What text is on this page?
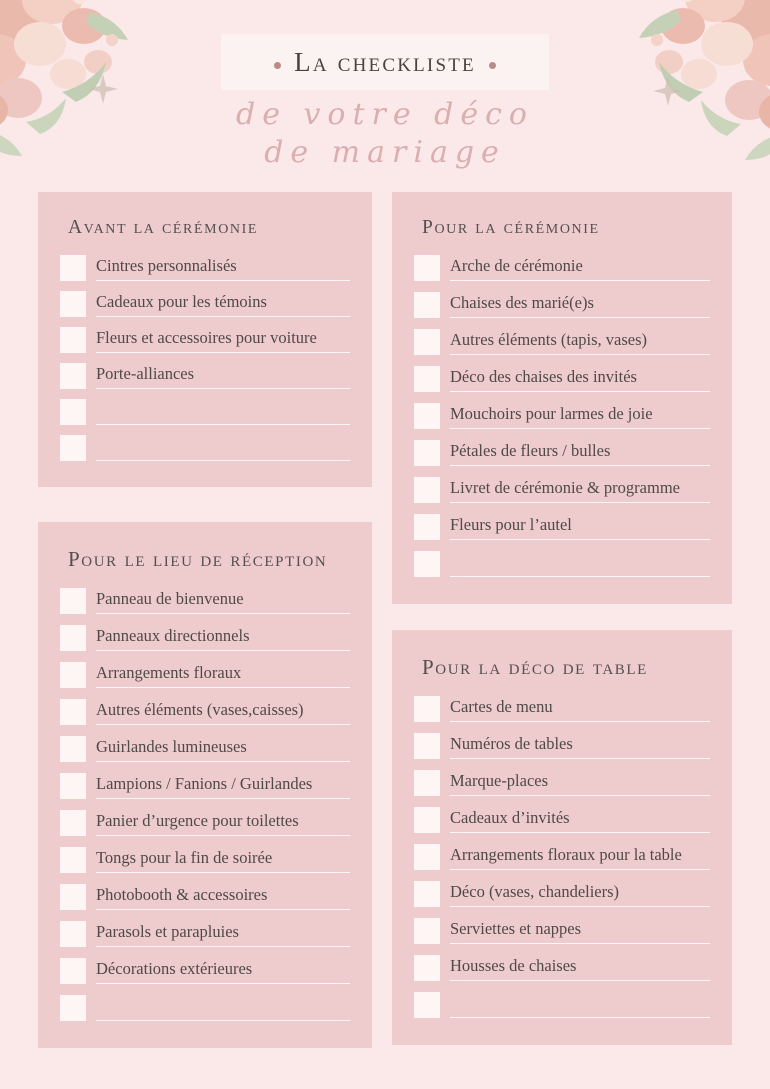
La checkliste
de votre déco
de mariage
Avant la cérémonie
Cintres personnalisés
Cadeaux pour les témoins
Fleurs et accessoires pour voiture
Porte-alliances

Pour la cérémonie
Arche de cérémonie
Chaises des marié(e)s
Autres éléments (tapis, vases)
Déco des chaises des invités
Mouchoirs pour larmes de joie
Pétales de fleurs / bulles
Livret de cérémonie & programme
Fleurs pour l’autel

Pour le lieu de réception
Panneau de bienvenue
Panneaux directionnels
Arrangements floraux
Autres éléments (vases,caisses)
Guirlandes lumineuses
Lampions / Fanions / Guirlandes
Panier d’urgence pour toilettes
Tongs pour la fin de soirée
Photobooth & accessoires
Parasols et parapluies
Décorations extérieures

Pour la déco de table
Cartes de menu
Numéros de tables
Marque-places
Cadeaux d’invités
Arrangements floraux pour la table
Déco (vases, chandeliers)
Serviettes et nappes
Housses de chaises
